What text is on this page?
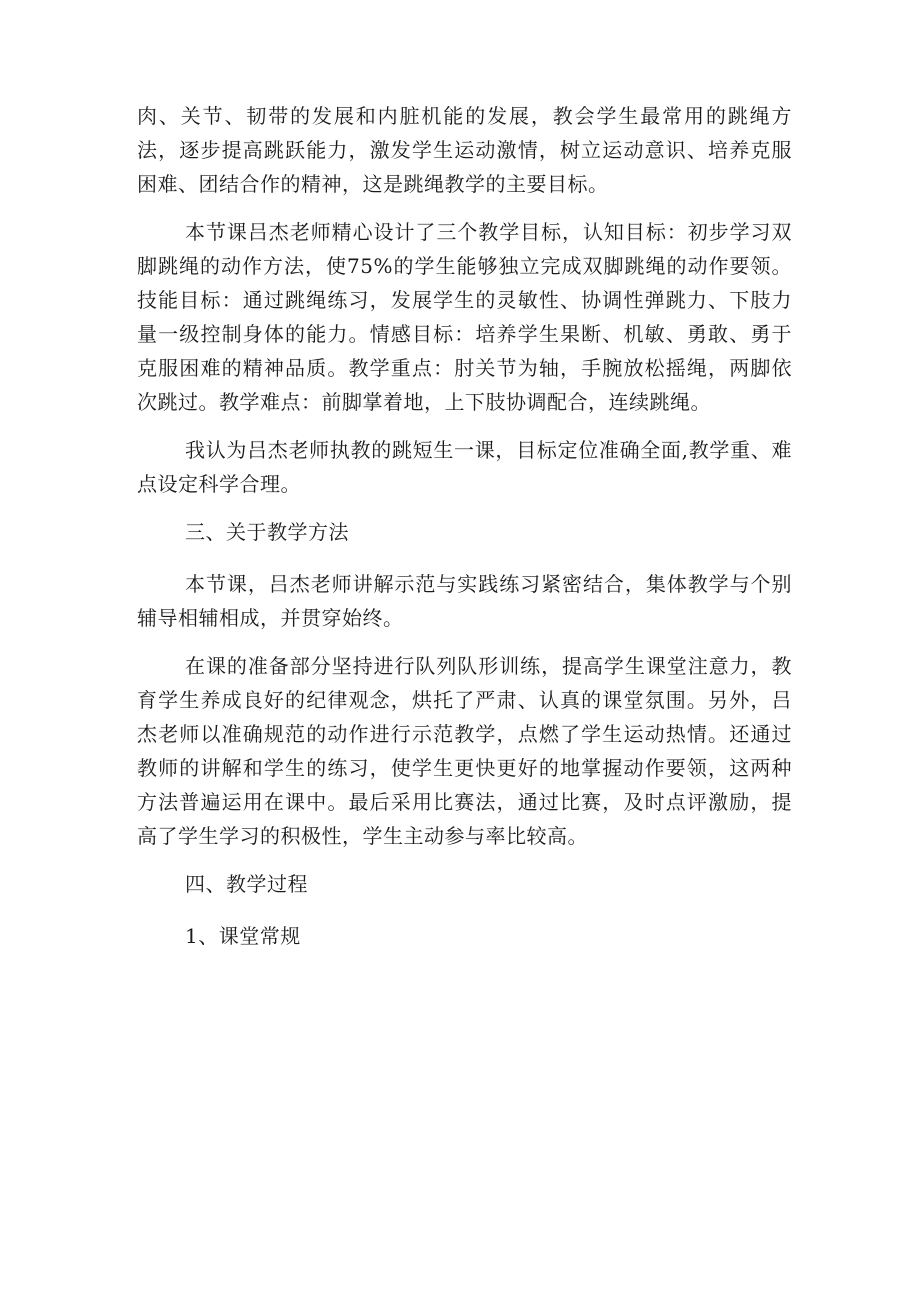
肉、关节、韧带的发展和内脏机能的发展，教会学生最常用的跳绳方法，逐步提高跳跃能力，激发学生运动激情，树立运动意识、培养克服困难、团结合作的精神，这是跳绳教学的主要目标。

本节课吕杰老师精心设计了三个教学目标，认知目标：初步学习双脚跳绳的动作方法，使75%的学生能够独立完成双脚跳绳的动作要领。技能目标：通过跳绳练习，发展学生的灵敏性、协调性弹跳力、下肢力量一级控制身体的能力。情感目标：培养学生果断、机敏、勇敢、勇于克服困难的精神品质。教学重点：肘关节为轴，手腕放松摇绳，两脚依次跳过。教学难点：前脚掌着地，上下肢协调配合，连续跳绳。

我认为吕杰老师执教的跳短生一课，目标定位准确全面,教学重、难点设定科学合理。

三、关于教学方法

本节课，吕杰老师讲解示范与实践练习紧密结合，集体教学与个别辅导相辅相成，并贯穿始终。

在课的准备部分坚持进行队列队形训练，提高学生课堂注意力，教育学生养成良好的纪律观念，烘托了严肃、认真的课堂氛围。另外，吕杰老师以准确规范的动作进行示范教学，点燃了学生运动热情。还通过教师的讲解和学生的练习，使学生更快更好的地掌握动作要领，这两种方法普遍运用在课中。最后采用比赛法，通过比赛，及时点评激励，提高了学生学习的积极性，学生主动参与率比较高。

四、教学过程

1、课堂常规
